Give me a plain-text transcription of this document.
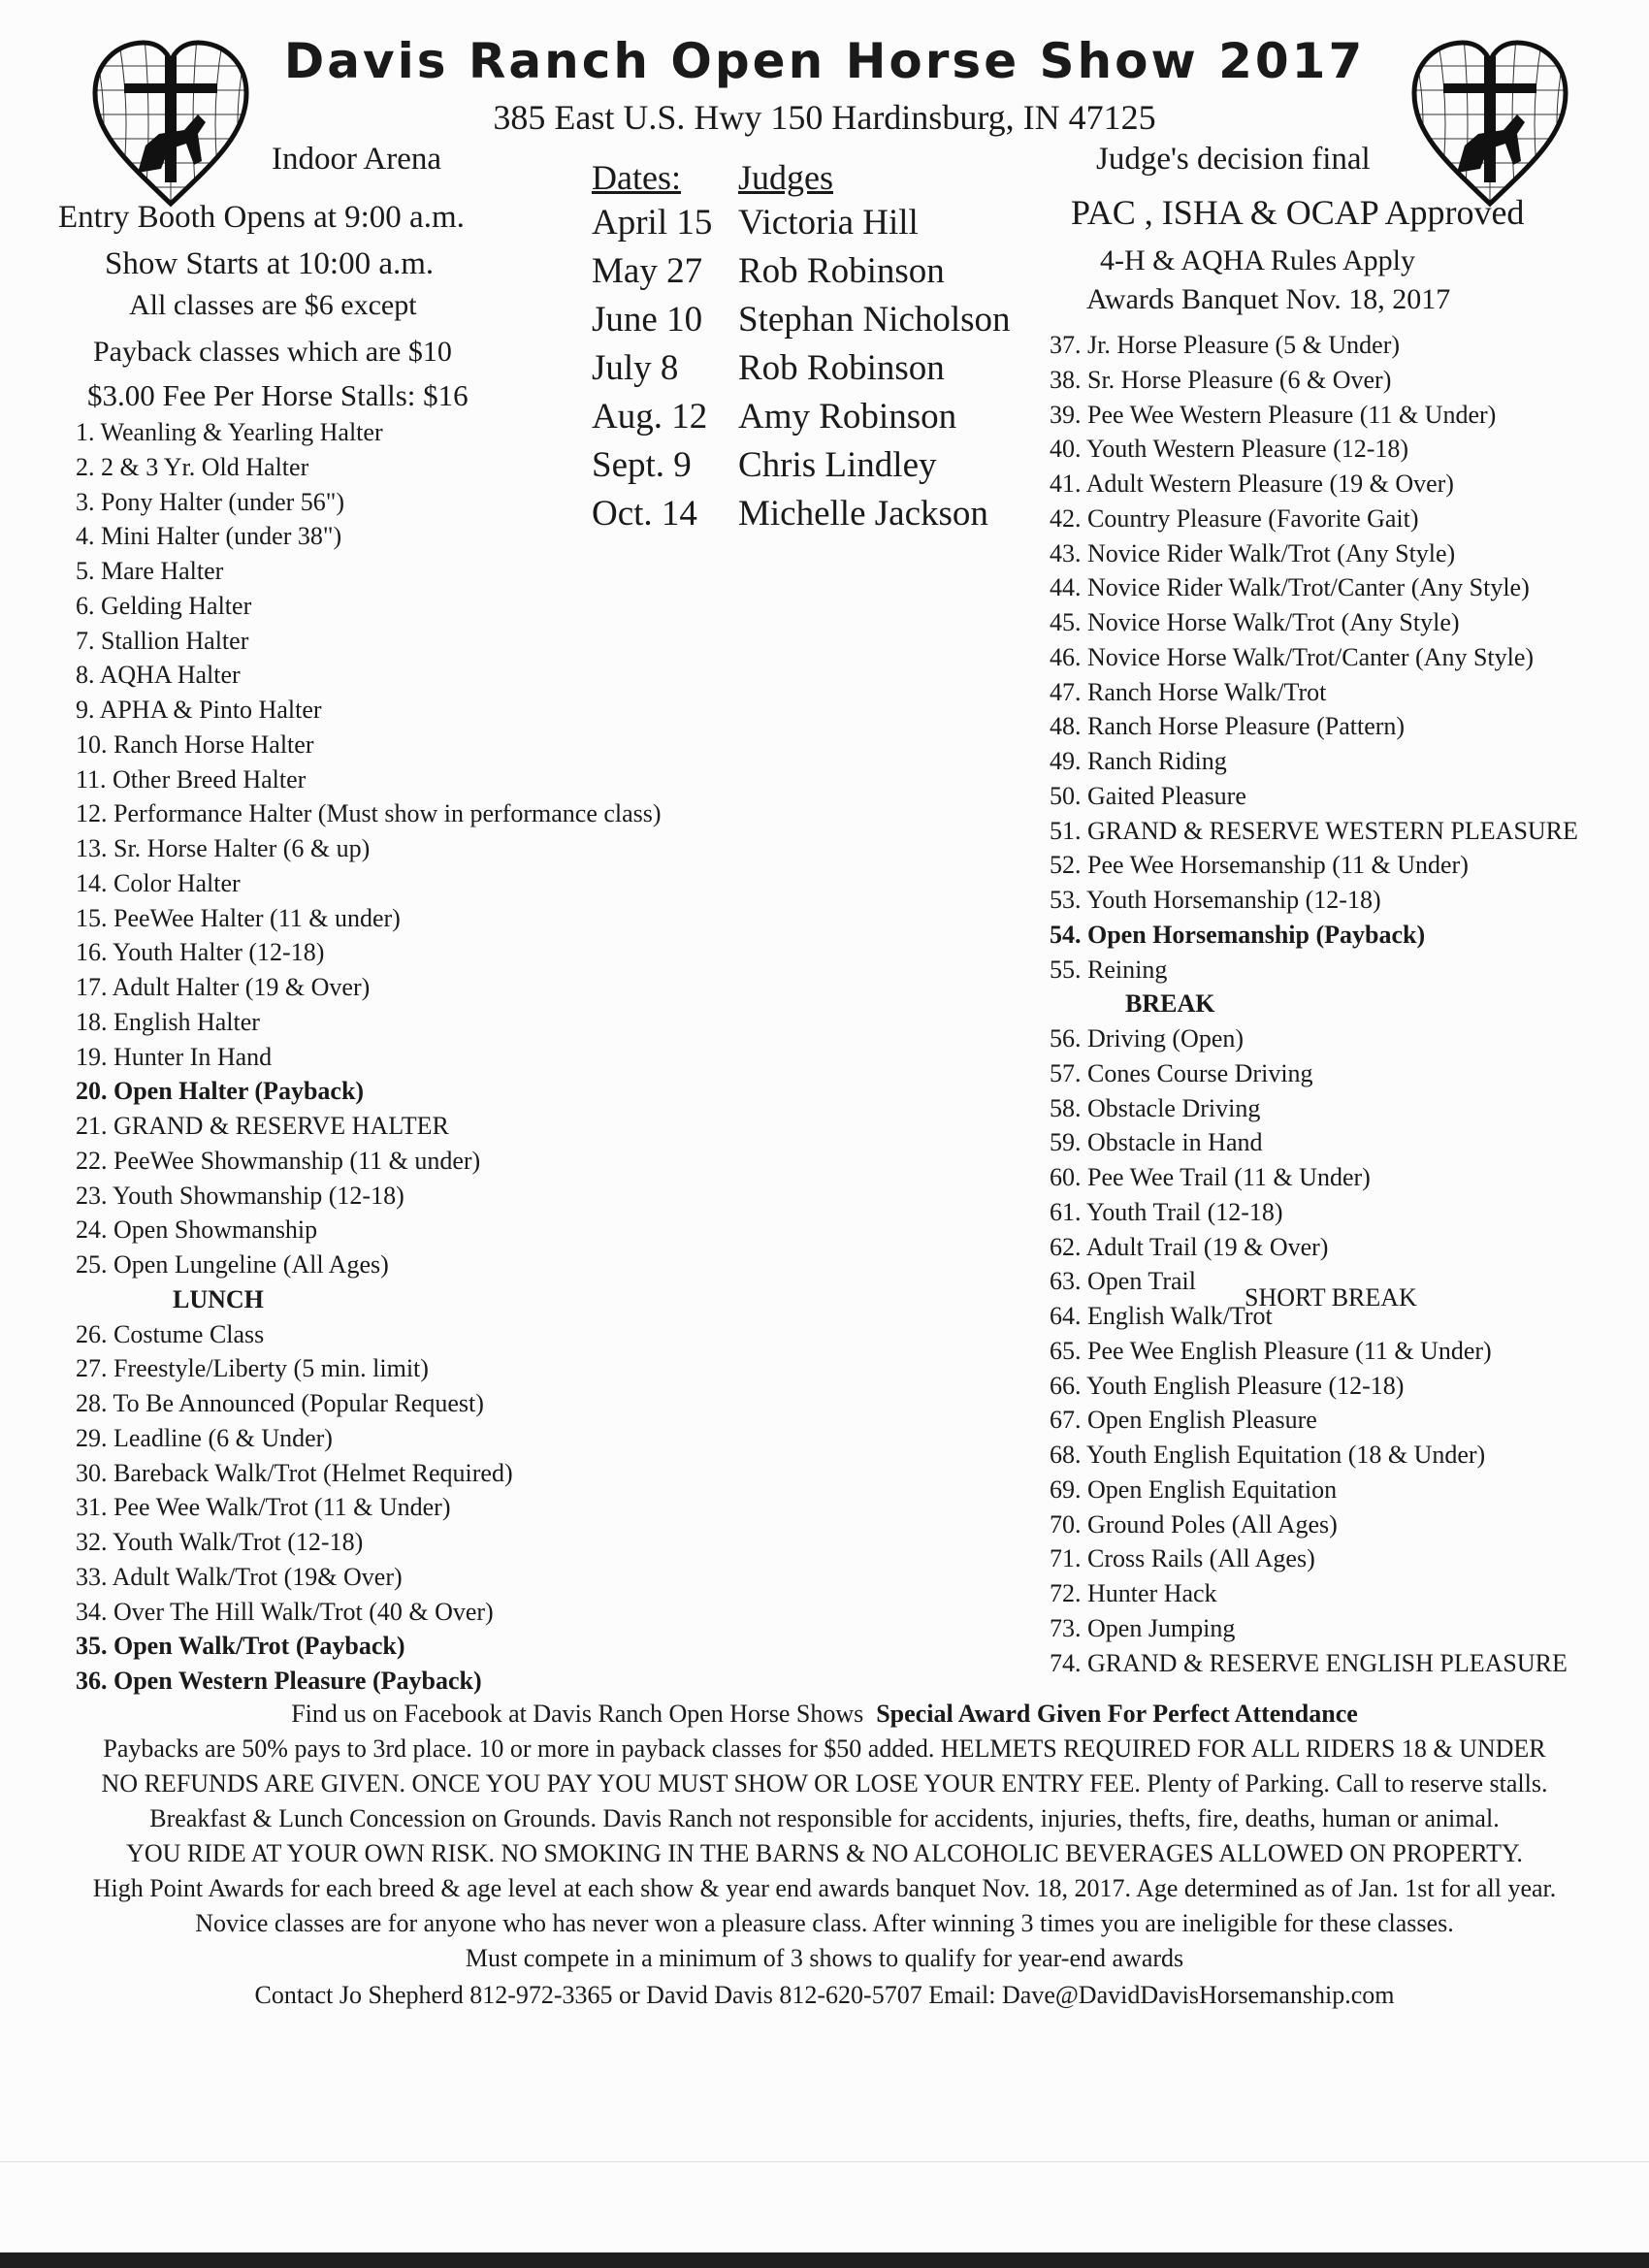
Davis Ranch Open Horse Show 2017
385 East U.S. Hwy 150 Hardinsburg, IN 47125
Indoor Arena
Entry Booth Opens at 9:00 a.m.
Show Starts at 10:00 a.m.
All classes are $6 except
Payback classes which are $10
$3.00 Fee Per Horse Stalls: $16
Dates: Judges
April 15 Victoria Hill
May 27 Rob Robinson
June 10 Stephan Nicholson
July 8 Rob Robinson
Aug. 12 Amy Robinson
Sept. 9 Chris Lindley
Oct. 14 Michelle Jackson
Judge's decision final
PAC , ISHA & OCAP Approved
4-H & AQHA Rules Apply
Awards Banquet Nov. 18, 2017
1. Weanling & Yearling Halter
2. 2 & 3 Yr. Old Halter
3. Pony Halter (under 56")
4. Mini Halter (under 38")
5. Mare Halter
6. Gelding Halter
7. Stallion Halter
8. AQHA Halter
9. APHA & Pinto Halter
10. Ranch Horse Halter
11. Other Breed Halter
12. Performance Halter (Must show in performance class)
13. Sr. Horse Halter (6 & up)
14. Color Halter
15. PeeWee Halter (11 & under)
16. Youth Halter (12-18)
17. Adult Halter (19 & Over)
18. English Halter
19. Hunter In Hand
20. Open Halter (Payback)
21. GRAND & RESERVE HALTER
22. PeeWee Showmanship (11 & under)
23. Youth Showmanship (12-18)
24. Open Showmanship
25. Open Lungeline (All Ages)
LUNCH
26. Costume Class
27. Freestyle/Liberty (5 min. limit)
28. To Be Announced (Popular Request)
29. Leadline (6 & Under)
30. Bareback Walk/Trot (Helmet Required)
31. Pee Wee Walk/Trot (11 & Under)
32. Youth Walk/Trot (12-18)
33. Adult Walk/Trot (19& Over)
34. Over The Hill Walk/Trot (40 & Over)
35. Open Walk/Trot (Payback)
36. Open Western Pleasure (Payback)
37. Jr. Horse Pleasure (5 & Under)
38. Sr. Horse Pleasure (6 & Over)
39. Pee Wee Western Pleasure (11 & Under)
40. Youth Western Pleasure (12-18)
41. Adult Western Pleasure (19 & Over)
42. Country Pleasure (Favorite Gait)
43. Novice Rider Walk/Trot (Any Style)
44. Novice Rider Walk/Trot/Canter (Any Style)
45. Novice Horse Walk/Trot (Any Style)
46. Novice Horse Walk/Trot/Canter (Any Style)
47. Ranch Horse Walk/Trot
48. Ranch Horse Pleasure (Pattern)
49. Ranch Riding
50. Gaited Pleasure
51. GRAND & RESERVE WESTERN PLEASURE
52. Pee Wee Horsemanship (11 & Under)
53. Youth Horsemanship (12-18)
54. Open Horsemanship (Payback)
55. Reining
BREAK
56. Driving (Open)
57. Cones Course Driving
58. Obstacle Driving
59. Obstacle in Hand
60. Pee Wee Trail (11 & Under)
61. Youth Trail (12-18)
62. Adult Trail (19 & Over)
63. Open Trail
64. English Walk/Trot
65. Pee Wee English Pleasure (11 & Under)
66. Youth English Pleasure (12-18)
67. Open English Pleasure
68. Youth English Equitation (18 & Under)
69. Open English Equitation
70. Ground Poles (All Ages)
71. Cross Rails (All Ages)
72. Hunter Hack
73. Open Jumping
74. GRAND & RESERVE ENGLISH PLEASURE
SHORT BREAK
Find us on Facebook at Davis Ranch Open Horse Shows Special Award Given For Perfect Attendance
Paybacks are 50% pays to 3rd place. 10 or more in payback classes for $50 added. HELMETS REQUIRED FOR ALL RIDERS 18 & UNDER
NO REFUNDS ARE GIVEN. ONCE YOU PAY YOU MUST SHOW OR LOSE YOUR ENTRY FEE. Plenty of Parking. Call to reserve stalls.
Breakfast & Lunch Concession on Grounds. Davis Ranch not responsible for accidents, injuries, thefts, fire, deaths, human or animal.
YOU RIDE AT YOUR OWN RISK. NO SMOKING IN THE BARNS & NO ALCOHOLIC BEVERAGES ALLOWED ON PROPERTY.
High Point Awards for each breed & age level at each show & year end awards banquet Nov. 18, 2017. Age determined as of Jan. 1st for all year.
Novice classes are for anyone who has never won a pleasure class. After winning 3 times you are ineligible for these classes.
Must compete in a minimum of 3 shows to qualify for year-end awards
Contact Jo Shepherd 812-972-3365 or David Davis 812-620-5707 Email: Dave@DavidDavisHorsemanship.com
